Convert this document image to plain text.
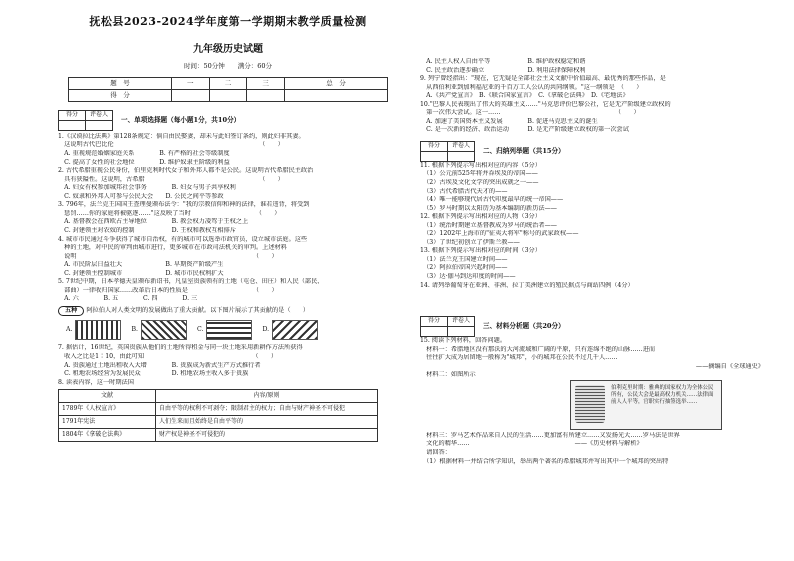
抚松县2023-2024学年度第一学期期末教学质量检测

九年级历史试题

时间：50分钟　　满分：60分

题　号	一	二	三	总　分
得　分				
得分	评卷人

一、单项选择题（每小题1分，共10分）

1.《汉谟拉比法典》第128条规定：倘自由民娶妻，却未与此妇签订条约，则此妇非其妻。

　这说明古代巴比伦　　　　　　　　　　　　　　　　　　　　　　　　（　　）

　A. 重视规范婚姻家庭关系　　　　B. 有严格的社会等级制度

　C. 提高了女性的社会地位　　　　D. 维护奴隶主阶级的利益

2. 古代希腊重视公民身份，伯里克利时代女子和外邦人都不是公民。这说明古代希腊民主政治

　具有狭隘性。这说明，古希腊　　　　　　　　　　　　　　　　　　　（　　）

　A. 妇女有权参加城邦社会事务　　　　B. 妇女与男子共享权利

　C. 奴隶和外邦人可参与公民大会　　D. 公民之间平等参政

3. 796年，法兰克王国国王查理曼颁布法令："我的宗教信仰和神的法律，谁若违背，将受到

　惩罚……你的家庭将被驱逐……"这反映了当时　　　　　　　　　　　（　　）

　A. 基督教会在西欧占主导地位　　　　B. 教会权力凌驾于王权之上

　C. 封建领主对农奴的控制　　　　　　D. 王权和教权互相排斥

4. 城市市民通过斗争获得了城市自治权，有的城市可以选举市政官员，设立城市法庭。这些

　种的土地，对中民的审判由城市进行，更多城市在市政司法机关的审判。上述材料

　说明　　　　　　　　　　　　　　　　　　　　　　　　　　　　　（　　）

　A. 市民阶层日益壮大　　　　　　　B. 早期资产阶级产生

　C. 封建领主控制城市　　　　　　　D. 城市市民权利扩大

5. 7世纪中期，日本孝德天皇颁布新诏书，凡皇室贵族领有的土地（屯仓、田庄）和人民（部民、

　部曲）一律收归国家……改革后日本的性质是　　　　　　　　　　　（　　）

　A. 六　　　　B. 五　　　　C. 四　　　　D. 三

五种 阿拉伯人对人类文明的发展做出了重大贡献。以下图片展示了其贡献的是（　　）

A.	B.	C.	D.

7. 据估计，16世纪，英国贵族从他们的土地所得租金与同一块土地采用新耕作方法所获得

　收入之比是1∶10，由此可知　　　　　　　　　　　　　　　　　　（　　）

　A. 贵族通过土地出租收入大增　　　　B. 贵族成为新式生产方式推行者

　C. 租地农场经营为发展民众　　　　　D. 租地农场主收入多于贵族

8. 读表内容，这一时期法国

文献	内容/原则
1789年《人权宣言》	自由平等的权利不可剥夺；限制君主的权力；自由与财产神圣不可侵犯
1791年宪法	人们生来而且始终是自由平等的
1804年《拿破仑法典》	财产权是神圣不可侵犯的

　A. 民主人权人自由平等　　　　　　B. 维护政权稳定和谐

　C. 民主政治逐步确立　　　　　　　D. 利用法律保障权利

9. 列宁曾经指出："现在，它无疑是全部社会主义文献中价值最高、最优秀的那些作品，是

　从西伯利亚到加利福尼亚的千百万工人公认的共同纲领。"这一纲领是　（　　）

　A.《共产党宣言》　B.《联合国家宣言》　C.《拿破仑法典》　D.《宅地法》

10."巴黎人民表现出了伟大的英雄主义……"马克思评价巴黎公社，它是无产阶级建立政权的

　第一次伟大尝试。这一……　　　　　　　　　　　　　　　　　　　（　　）

　A. 加速了美国资本主义发展　　　　B. 促进马克思主义的诞生

　C. 是一次新的经济、政治运动　　　D. 是无产阶级建立政权的第一次尝试

得分	评卷人

二、归纳列举题（共15分）

11. 根据下列提示写出相对应的内容（5分）

　（1）公元前525年将并吞埃及的帝国——

　（2）古埃及文化文学的突出成就之一——

　（3）古代希腊古代天才的——

　（4）唯一能够现代居古代印度最早的统一帝国——

　（5）罗马时期以太阳历为基本编制的新历法——

12. 根据下列提示写出相对应的人物（3分）

　（1）统治时期建立基督教成为罗马的统治者——

　（2）1202年上海市的"征夷大将军"称号的武家政权——

　（3）了世纪初创立了伊斯兰教——

13. 根据下列提示写出相对应的时间（3分）

　（1）法兰克王国建立时间——

　（2）阿拉伯帝国兴起时间——

　（3）达·伽马到达印度的时间——

14. 请列举葡萄牙在亚洲、非洲、拉丁美洲建立的殖民据点与商站四例（4分）

得分	评卷人

三、材料分析题（共20分）

15. 阅读下列材料，回答问题。

　材料一：希腊地区没有那沃的大河流域和广阔的平原，只有连绵不绝的山脉……进而

　往往扩大成为居留地一般称为"城邦"，小的城邦在公民不过几千人……

　　　　　　　　　　　　　　　　　　　　　　　　——摘编自《全球通史》

　材料二：如图所示

伯利克里时期：雅典的国家权力为全体公民所有，公民大会是最高权力机关……法律面前人人平等，官职实行抽签选举……

　材料三：罗马艺术作品来自人民的生活……更加富有所建立……又发扬光大……罗马法是世界

　文化的精华……　　　　　　　　　　　　　　　　　——《历史材料与解析》

　请回答：

　（1）根据材料一并结合所学知识，举出两个著名的希腊城邦并写出其中一个城邦的突出特
